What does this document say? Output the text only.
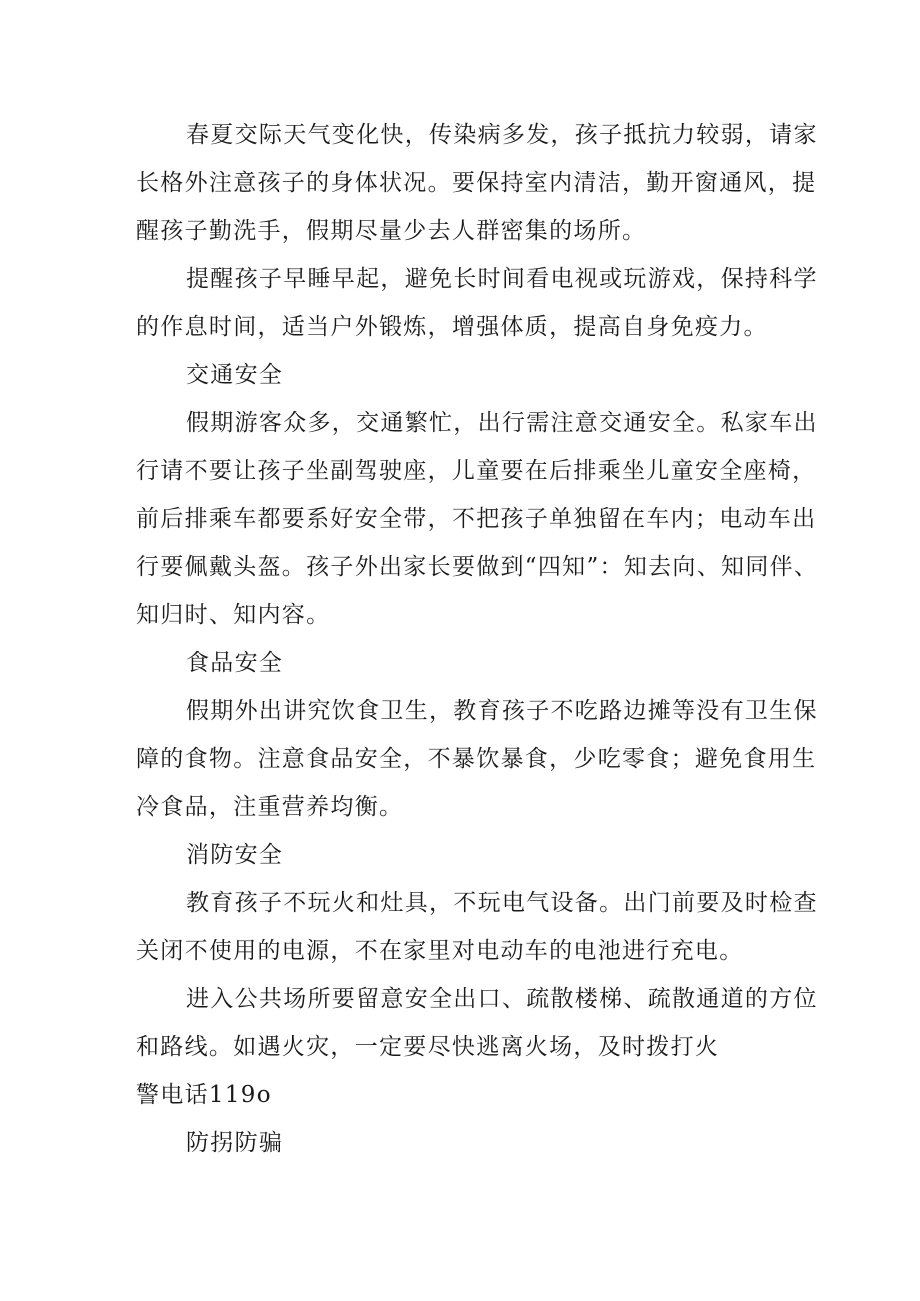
春夏交际天气变化快，传染病多发，孩子抵抗力较弱，请家
长格外注意孩子的身体状况。要保持室内清洁，勤开窗通风，提
醒孩子勤洗手，假期尽量少去人群密集的场所。
提醒孩子早睡早起，避免长时间看电视或玩游戏，保持科学
的作息时间，适当户外锻炼，增强体质，提高自身免疫力。
交通安全
假期游客众多，交通繁忙，出行需注意交通安全。私家车出
行请不要让孩子坐副驾驶座，儿童要在后排乘坐儿童安全座椅，
前后排乘车都要系好安全带，不把孩子单独留在车内；电动车出
行要佩戴头盔。孩子外出家长要做到“四知”：知去向、知同伴、
知归时、知内容。
食品安全
假期外出讲究饮食卫生，教育孩子不吃路边摊等没有卫生保
障的食物。注意食品安全，不暴饮暴食，少吃零食；避免食用生
冷食品，注重营养均衡。
消防安全
教育孩子不玩火和灶具，不玩电气设备。出门前要及时检查
关闭不使用的电源，不在家里对电动车的电池进行充电。
进入公共场所要留意安全出口、疏散楼梯、疏散通道的方位
和路线。如遇火灾，一定要尽快逃离火场，及时拨打火
警电话119o
防拐防骗
